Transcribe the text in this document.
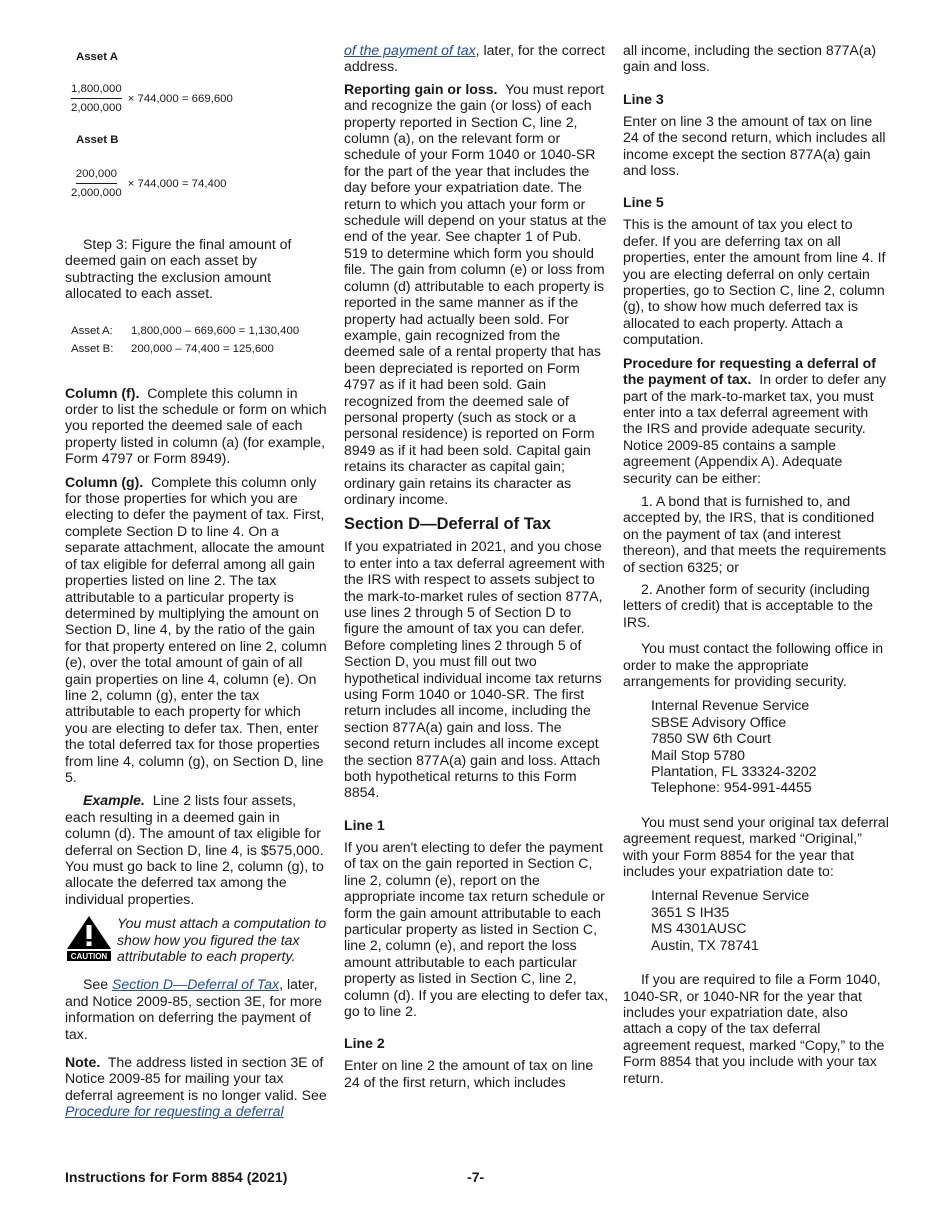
Asset A
$\frac{1,800,000}{2,000,000} \times 744,000 = 669,600$
Asset B
$\frac{200,000}{2,000,000} \times 744,000 = 74,400$

Step 3: Figure the final amount of deemed gain on each asset by subtracting the exclusion amount allocated to each asset.

Asset A:	1,800,000 – 669,600 = 1,130,400
Asset B:	200,000 – 74,400 = 125,600

Column (f). Complete this column in order to list the schedule or form on which you reported the deemed sale of each property listed in column (a) (for example, Form 4797 or Form 8949).

Column (g). Complete this column only for those properties for which you are electing to defer the payment of tax. First, complete Section D to line 4. On a separate attachment, allocate the amount of tax eligible for deferral among all gain properties listed on line 2. The tax attributable to a particular property is determined by multiplying the amount on Section D, line 4, by the ratio of the gain for that property entered on line 2, column (e), over the total amount of gain of all gain properties on line 4, column (e). On line 2, column (g), enter the tax attributable to each property for which you are electing to defer tax. Then, enter the total deferred tax for those properties from line 4, column (g), on Section D, line 5.

Example. Line 2 lists four assets, each resulting in a deemed gain in column (d). The amount of tax eligible for deferral on Section D, line 4, is $575,000. You must go back to line 2, column (g), to allocate the deferred tax among the individual properties.

CAUTION
You must attach a computation to show how you figured the tax attributable to each property.

See Section D—Deferral of Tax, later, and Notice 2009-85, section 3E, for more information on deferring the payment of tax.

Note. The address listed in section 3E of Notice 2009-85 for mailing your tax deferral agreement is no longer valid. See Procedure for requesting a deferral

of the payment of tax, later, for the correct address.

Reporting gain or loss. You must report and recognize the gain (or loss) of each property reported in Section C, line 2, column (a), on the relevant form or schedule of your Form 1040 or 1040-SR for the part of the year that includes the day before your expatriation date. The return to which you attach your form or schedule will depend on your status at the end of the year. See chapter 1 of Pub. 519 to determine which form you should file. The gain from column (e) or loss from column (d) attributable to each property is reported in the same manner as if the property had actually been sold. For example, gain recognized from the deemed sale of a rental property that has been depreciated is reported on Form 4797 as if it had been sold. Gain recognized from the deemed sale of personal property (such as stock or a personal residence) is reported on Form 8949 as if it had been sold. Capital gain retains its character as capital gain; ordinary gain retains its character as ordinary income.

Section D—Deferral of Tax

If you expatriated in 2021, and you chose to enter into a tax deferral agreement with the IRS with respect to assets subject to the mark-to-market rules of section 877A, use lines 2 through 5 of Section D to figure the amount of tax you can defer. Before completing lines 2 through 5 of Section D, you must fill out two hypothetical individual income tax returns using Form 1040 or 1040-SR. The first return includes all income, including the section 877A(a) gain and loss. The second return includes all income except the section 877A(a) gain and loss. Attach both hypothetical returns to this Form 8854.

Line 1

If you aren't electing to defer the payment of tax on the gain reported in Section C, line 2, column (e), report on the appropriate income tax return schedule or form the gain amount attributable to each particular property as listed in Section C, line 2, column (e), and report the loss amount attributable to each particular property as listed in Section C, line 2, column (d). If you are electing to defer tax, go to line 2.

Line 2

Enter on line 2 the amount of tax on line 24 of the first return, which includes

all income, including the section 877A(a) gain and loss.

Line 3

Enter on line 3 the amount of tax on line 24 of the second return, which includes all income except the section 877A(a) gain and loss.

Line 5

This is the amount of tax you elect to defer. If you are deferring tax on all properties, enter the amount from line 4. If you are electing deferral on only certain properties, go to Section C, line 2, column (g), to show how much deferred tax is allocated to each property. Attach a computation.

Procedure for requesting a deferral of the payment of tax. In order to defer any part of the mark-to-market tax, you must enter into a tax deferral agreement with the IRS and provide adequate security. Notice 2009-85 contains a sample agreement (Appendix A). Adequate security can be either:

1. A bond that is furnished to, and accepted by, the IRS, that is conditioned on the payment of tax (and interest thereon), and that meets the requirements of section 6325; or

2. Another form of security (including letters of credit) that is acceptable to the IRS.

You must contact the following office in order to make the appropriate arrangements for providing security.

Internal Revenue Service
SBSE Advisory Office
7850 SW 6th Court
Mail Stop 5780
Plantation, FL 33324-3202
Telephone: 954-991-4455

You must send your original tax deferral agreement request, marked “Original,” with your Form 8854 for the year that includes your expatriation date to:

Internal Revenue Service
3651 S IH35
MS 4301AUSC
Austin, TX 78741

If you are required to file a Form 1040, 1040-SR, or 1040-NR for the year that includes your expatriation date, also attach a copy of the tax deferral agreement request, marked “Copy,” to the Form 8854 that you include with your tax return.

Instructions for Form 8854 (2021)	-7-
